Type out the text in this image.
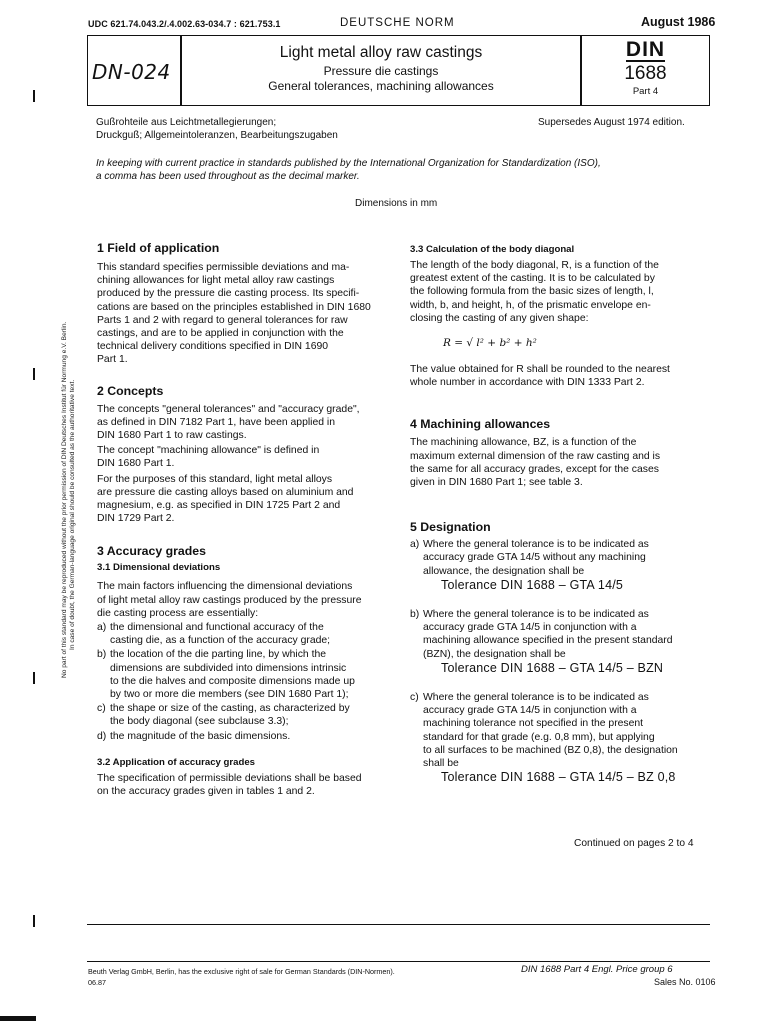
UDC 621.74.043.2/.4.002.63-034.7 : 621.753.1	DEUTSCHE NORM	August 1986
DN-024
Light metal alloy raw castings
Pressure die castings
General tolerances, machining allowances
DIN
1688
Part 4
Gußrohteile aus Leichtmetallegierungen;
Druckguß; Allgemeintoleranzen, Bearbeitungszugaben
Supersedes August 1974 edition.
In keeping with current practice in standards published by the International Organization for Standardization (ISO),
a comma has been used throughout as the decimal marker.
Dimensions in mm
No part of this standard may be reproduced without the prior permission of DIN Deutsches Institut für Normung e.V. Berlin. In case of doubt, the German-language original should be consulted as the authoritative text.
1 Field of application
This standard specifies permissible deviations and ma-
chining allowances for light metal alloy raw castings
produced by the pressure die casting process. Its specifi-
cations are based on the principles established in DIN 1680
Parts 1 and 2 with regard to general tolerances for raw
castings, and are to be applied in conjunction with the
technical delivery conditions specified in DIN 1690
Part 1.
2 Concepts
The concepts "general tolerances" and "accuracy grade",
as defined in DIN 7182 Part 1, have been applied in
DIN 1680 Part 1 to raw castings.
The concept "machining allowance" is defined in
DIN 1680 Part 1.
For the purposes of this standard, light metal alloys
are pressure die casting alloys based on aluminium and
magnesium, e.g. as specified in DIN 1725 Part 2 and
DIN 1729 Part 2.
3 Accuracy grades
3.1 Dimensional deviations
The main factors influencing the dimensional deviations
of light metal alloy raw castings produced by the pressure
die casting process are essentially:
a) the dimensional and functional accuracy of the
casting die, as a function of the accuracy grade;
b) the location of the die parting line, by which the
dimensions are subdivided into dimensions intrinsic
to the die halves and composite dimensions made up
by two or more die members (see DIN 1680 Part 1);
c) the shape or size of the casting, as characterized by
the body diagonal (see subclause 3.3);
d) the magnitude of the basic dimensions.
3.2 Application of accuracy grades
The specification of permissible deviations shall be based
on the accuracy grades given in tables 1 and 2.
3.3 Calculation of the body diagonal
The length of the body diagonal, R, is a function of the
greatest extent of the casting. It is to be calculated by
the following formula from the basic sizes of length, l,
width, b, and height, h, of the prismatic envelope en-
closing the casting of any given shape:
R = √ l² + b² + h²
The value obtained for R shall be rounded to the nearest
whole number in accordance with DIN 1333 Part 2.
4 Machining allowances
The machining allowance, BZ, is a function of the
maximum external dimension of the raw casting and is
the same for all accuracy grades, except for the cases
given in DIN 1680 Part 1; see table 3.
5 Designation
a) Where the general tolerance is to be indicated as
accuracy grade GTA 14/5 without any machining
allowance, the designation shall be
Tolerance DIN 1688 – GTA 14/5
b) Where the general tolerance is to be indicated as
accuracy grade GTA 14/5 in conjunction with a
machining allowance specified in the present standard
(BZN), the designation shall be
Tolerance DIN 1688 – GTA 14/5 – BZN
c) Where the general tolerance is to be indicated as
accuracy grade GTA 14/5 in conjunction with a
machining tolerance not specified in the present
standard for that grade (e.g. 0,8 mm), but applying
to all surfaces to be machined (BZ 0,8), the designation
shall be
Tolerance DIN 1688 – GTA 14/5 – BZ 0,8
Continued on pages 2 to 4
Beuth Verlag GmbH, Berlin, has the exclusive right of sale for German Standards (DIN-Normen).
06.87
DIN 1688 Part 4 Engl. Price group 6
Sales No. 0106
